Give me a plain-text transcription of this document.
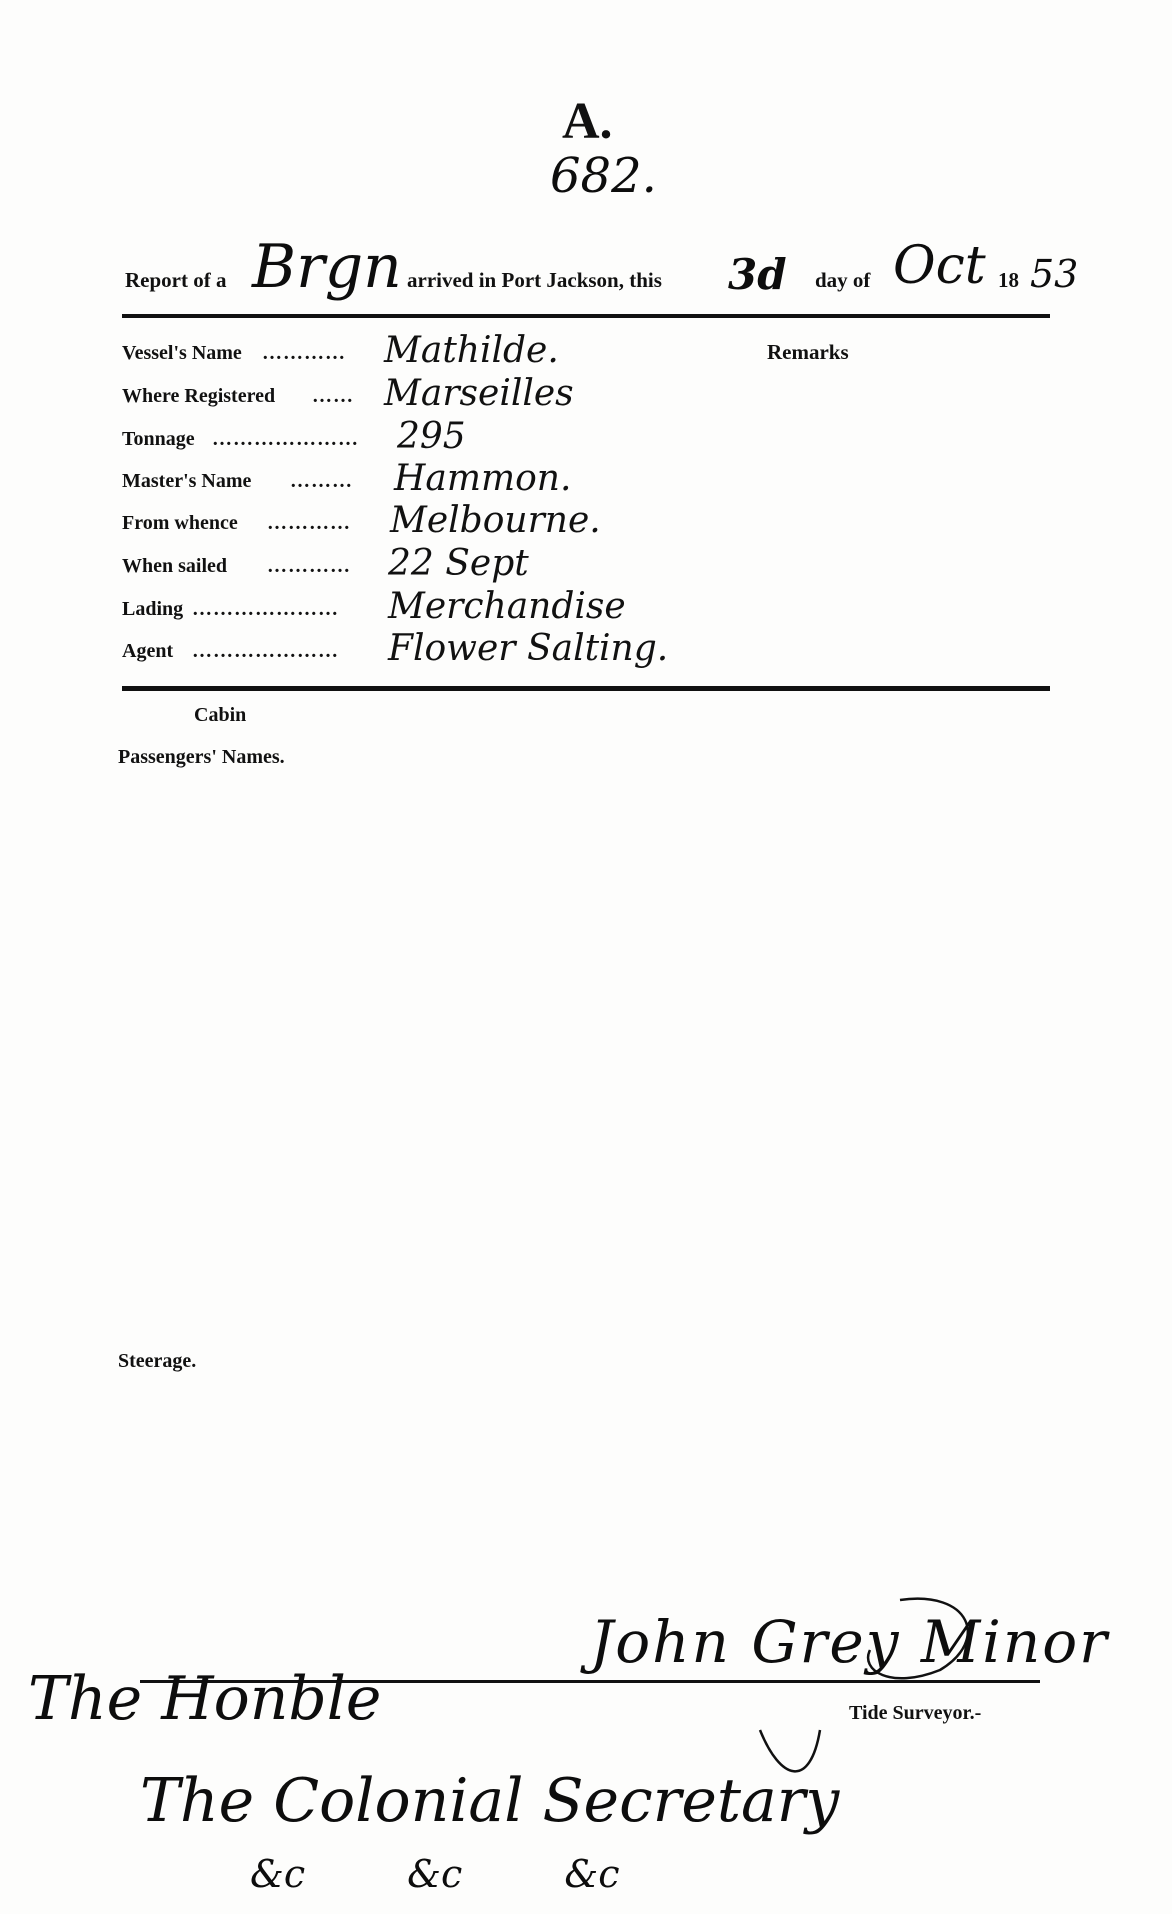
A.
682.
Report of a Brgn arrived in Port Jackson, this 3d day of Oct 18 53
Remarks
Vessel's Name ………… Mathilde.
Where Registered …… Marseilles
Tonnage ………………… 295
Master's Name ……… Hammon.
From whence ………… Melbourne.
When sailed ………… 22 Sept
Lading ………………… Merchandise
Agent ………………… Flower Salting.
Cabin
Passengers' Names.
Steerage.
John Grey Minor
Tide Surveyor.-
The Honble
The Colonial Secretary
&c &c &c
